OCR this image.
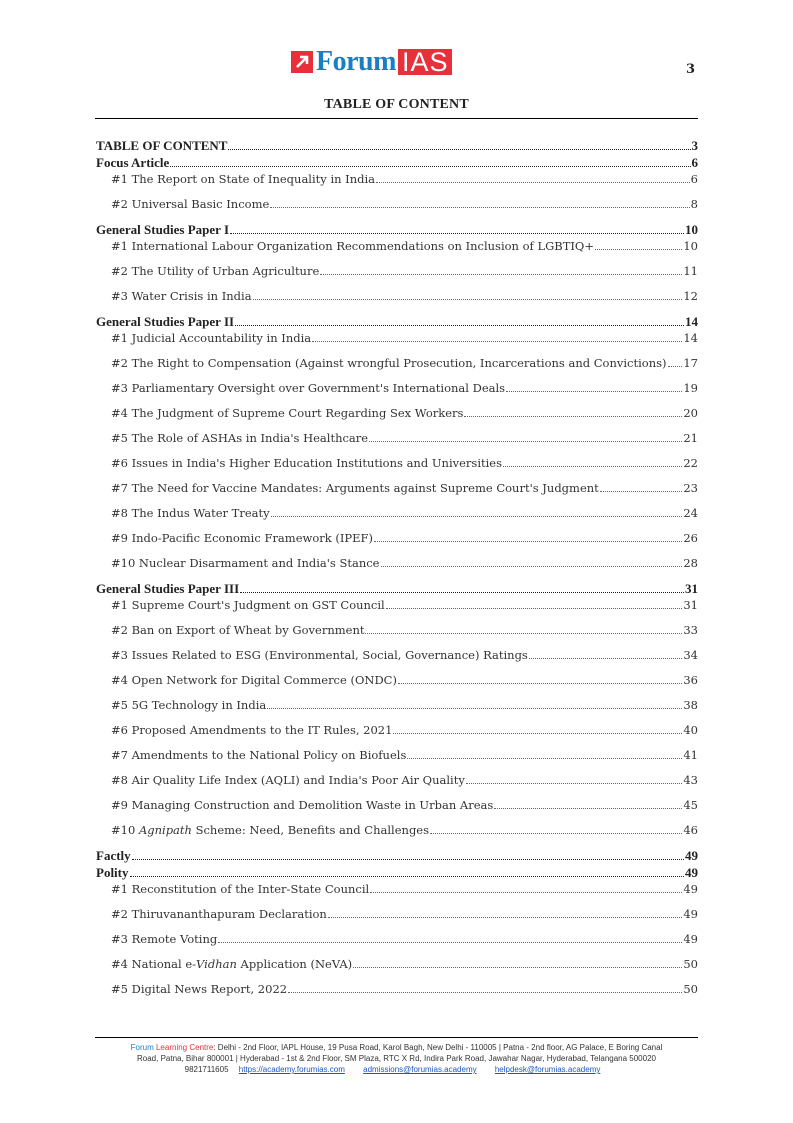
Forum IAS	3
TABLE OF CONTENT
TABLE OF CONTENT	3
Focus Article	6
#1 The Report on State of Inequality in India	6
#2 Universal Basic Income	8
General Studies Paper I	10
#1 International Labour Organization Recommendations on Inclusion of LGBTIQ+	10
#2 The Utility of Urban Agriculture	11
#3 Water Crisis in India	12
General Studies Paper II	14
#1 Judicial Accountability in India	14
#2 The Right to Compensation (Against wrongful Prosecution, Incarcerations and Convictions) 17
#3 Parliamentary Oversight over Government's International Deals	19
#4 The Judgment of Supreme Court Regarding Sex Workers	20
#5 The Role of ASHAs in India's Healthcare	21
#6 Issues in India's Higher Education Institutions and Universities	22
#7 The Need for Vaccine Mandates: Arguments against Supreme Court's Judgment	23
#8 The Indus Water Treaty	24
#9 Indo-Pacific Economic Framework (IPEF)	26
#10 Nuclear Disarmament and India's Stance	28
General Studies Paper III	31
#1 Supreme Court's Judgment on GST Council	31
#2 Ban on Export of Wheat by Government	33
#3 Issues Related to ESG (Environmental, Social, Governance) Ratings	34
#4 Open Network for Digital Commerce (ONDC)	36
#5 5G Technology in India	38
#6 Proposed Amendments to the IT Rules, 2021	40
#7 Amendments to the National Policy on Biofuels	41
#8 Air Quality Life Index (AQLI) and India's Poor Air Quality	43
#9 Managing Construction and Demolition Waste in Urban Areas	45
#10 Agnipath Scheme: Need, Benefits and Challenges	46
Factly	49
Polity	49
#1 Reconstitution of the Inter-State Council	49
#2 Thiruvananthapuram Declaration	49
#3 Remote Voting	49
#4 National e-Vidhan Application (NeVA)	50
#5 Digital News Report, 2022	50
Forum Learning Centre: Delhi - 2nd Floor, IAPL House, 19 Pusa Road, Karol Bagh, New Delhi - 110005 | Patna - 2nd floor, AG Palace, E Boring Canal
Road, Patna, Bihar 800001 | Hyderabad - 1st & 2nd Floor, SM Plaza, RTC X Rd, Indira Park Road, Jawahar Nagar, Hyderabad, Telangana 500020
9821711605 https://academy.forumias.com admissions@forumias.academy helpdesk@forumias.academy
